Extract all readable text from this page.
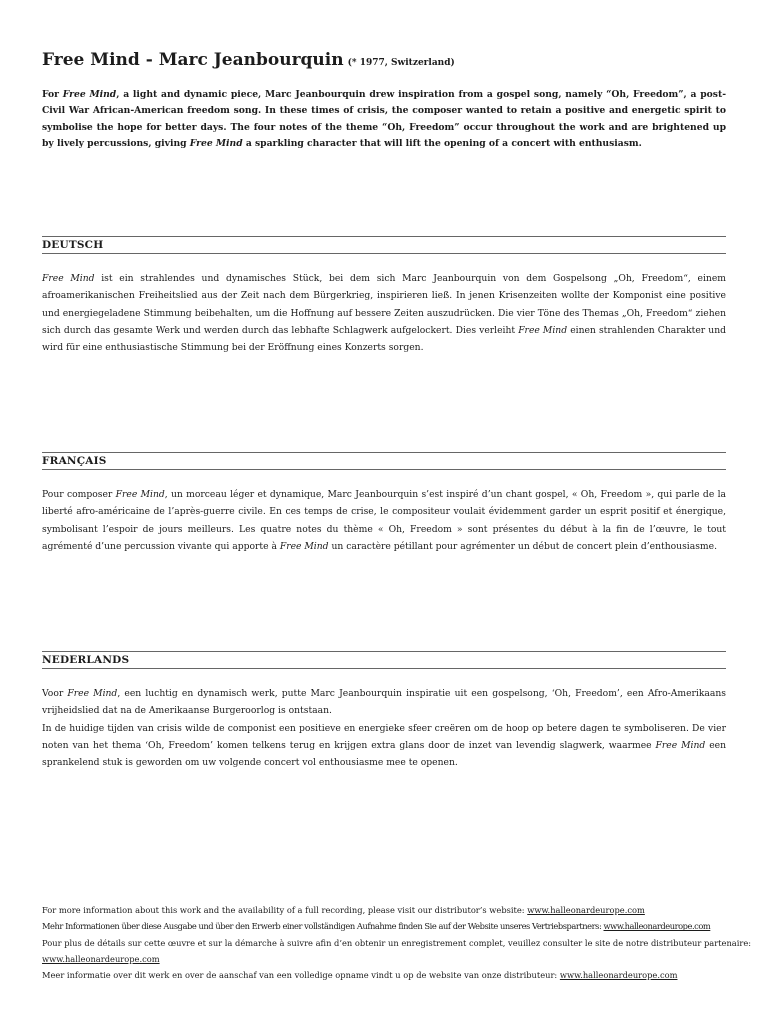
Free Mind - Marc Jeanbourquin (* 1977, Switzerland)
For Free Mind, a light and dynamic piece, Marc Jeanbourquin drew inspiration from a gospel song, namely “Oh, Freedom”, a post-Civil War African-American freedom song. In these times of crisis, the composer wanted to retain a positive and energetic spirit to symbolise the hope for better days. The four notes of the theme “Oh, Freedom” occur throughout the work and are brightened up by lively percussions, giving Free Mind a sparkling character that will lift the opening of a concert with enthusiasm.
DEUTSCH
Free Mind ist ein strahlendes und dynamisches Stück, bei dem sich Marc Jeanbourquin von dem Gospelsong „Oh, Freedom“, einem afroamerikanischen Freiheitslied aus der Zeit nach dem Bürgerkrieg, inspirieren ließ. In jenen Krisenzeiten wollte der Komponist eine positive und energiegeladene Stimmung beibehalten, um die Hoffnung auf bessere Zeiten auszudrücken. Die vier Töne des Themas „Oh, Freedom“ ziehen sich durch das gesamte Werk und werden durch das lebhafte Schlagwerk aufgelockert. Dies verleiht Free Mind einen strahlenden Charakter und wird für eine enthusiastische Stimmung bei der Eröffnung eines Konzerts sorgen.
FRANÇAIS
Pour composer Free Mind, un morceau léger et dynamique, Marc Jeanbourquin s’est inspiré d’un chant gospel, « Oh, Freedom », qui parle de la liberté afro-américaine de l’après-guerre civile. En ces temps de crise, le compositeur voulait évidemment garder un esprit positif et énergique, symbolisant l’espoir de jours meilleurs. Les quatre notes du thème « Oh, Freedom » sont présentes du début à la fin de l’œuvre, le tout agrémenté d’une percussion vivante qui apporte à Free Mind un caractère pétillant pour agrémenter un début de concert plein d’enthousiasme.
NEDERLANDS
Voor Free Mind, een luchtig en dynamisch werk, putte Marc Jeanbourquin inspiratie uit een gospelsong, ‘Oh, Freedom’, een Afro-Amerikaans vrijheidslied dat na de Amerikaanse Burgeroorlog is ontstaan.
In de huidige tijden van crisis wilde de componist een positieve en energieke sfeer creëren om de hoop op betere dagen te symboliseren. De vier noten van het thema ‘Oh, Freedom’ komen telkens terug en krijgen extra glans door de inzet van levendig slagwerk, waarmee Free Mind een sprankelend stuk is geworden om uw volgende concert vol enthousiasme mee te openen.
For more information about this work and the availability of a full recording, please visit our distributor’s website: www.halleonardeurope.com
Mehr Informationen über diese Ausgabe und über den Erwerb einer vollständigen Aufnahme finden Sie auf der Website unseres Vertriebspartners: www.halleonardeurope.com
Pour plus de détails sur cette œuvre et sur la démarche à suivre afin d’en obtenir un enregistrement complet, veuillez consulter le site de notre distributeur partenaire:
www.halleonardeurope.com
Meer informatie over dit werk en over de aanschaf van een volledige opname vindt u op de website van onze distributeur: www.halleonardeurope.com
